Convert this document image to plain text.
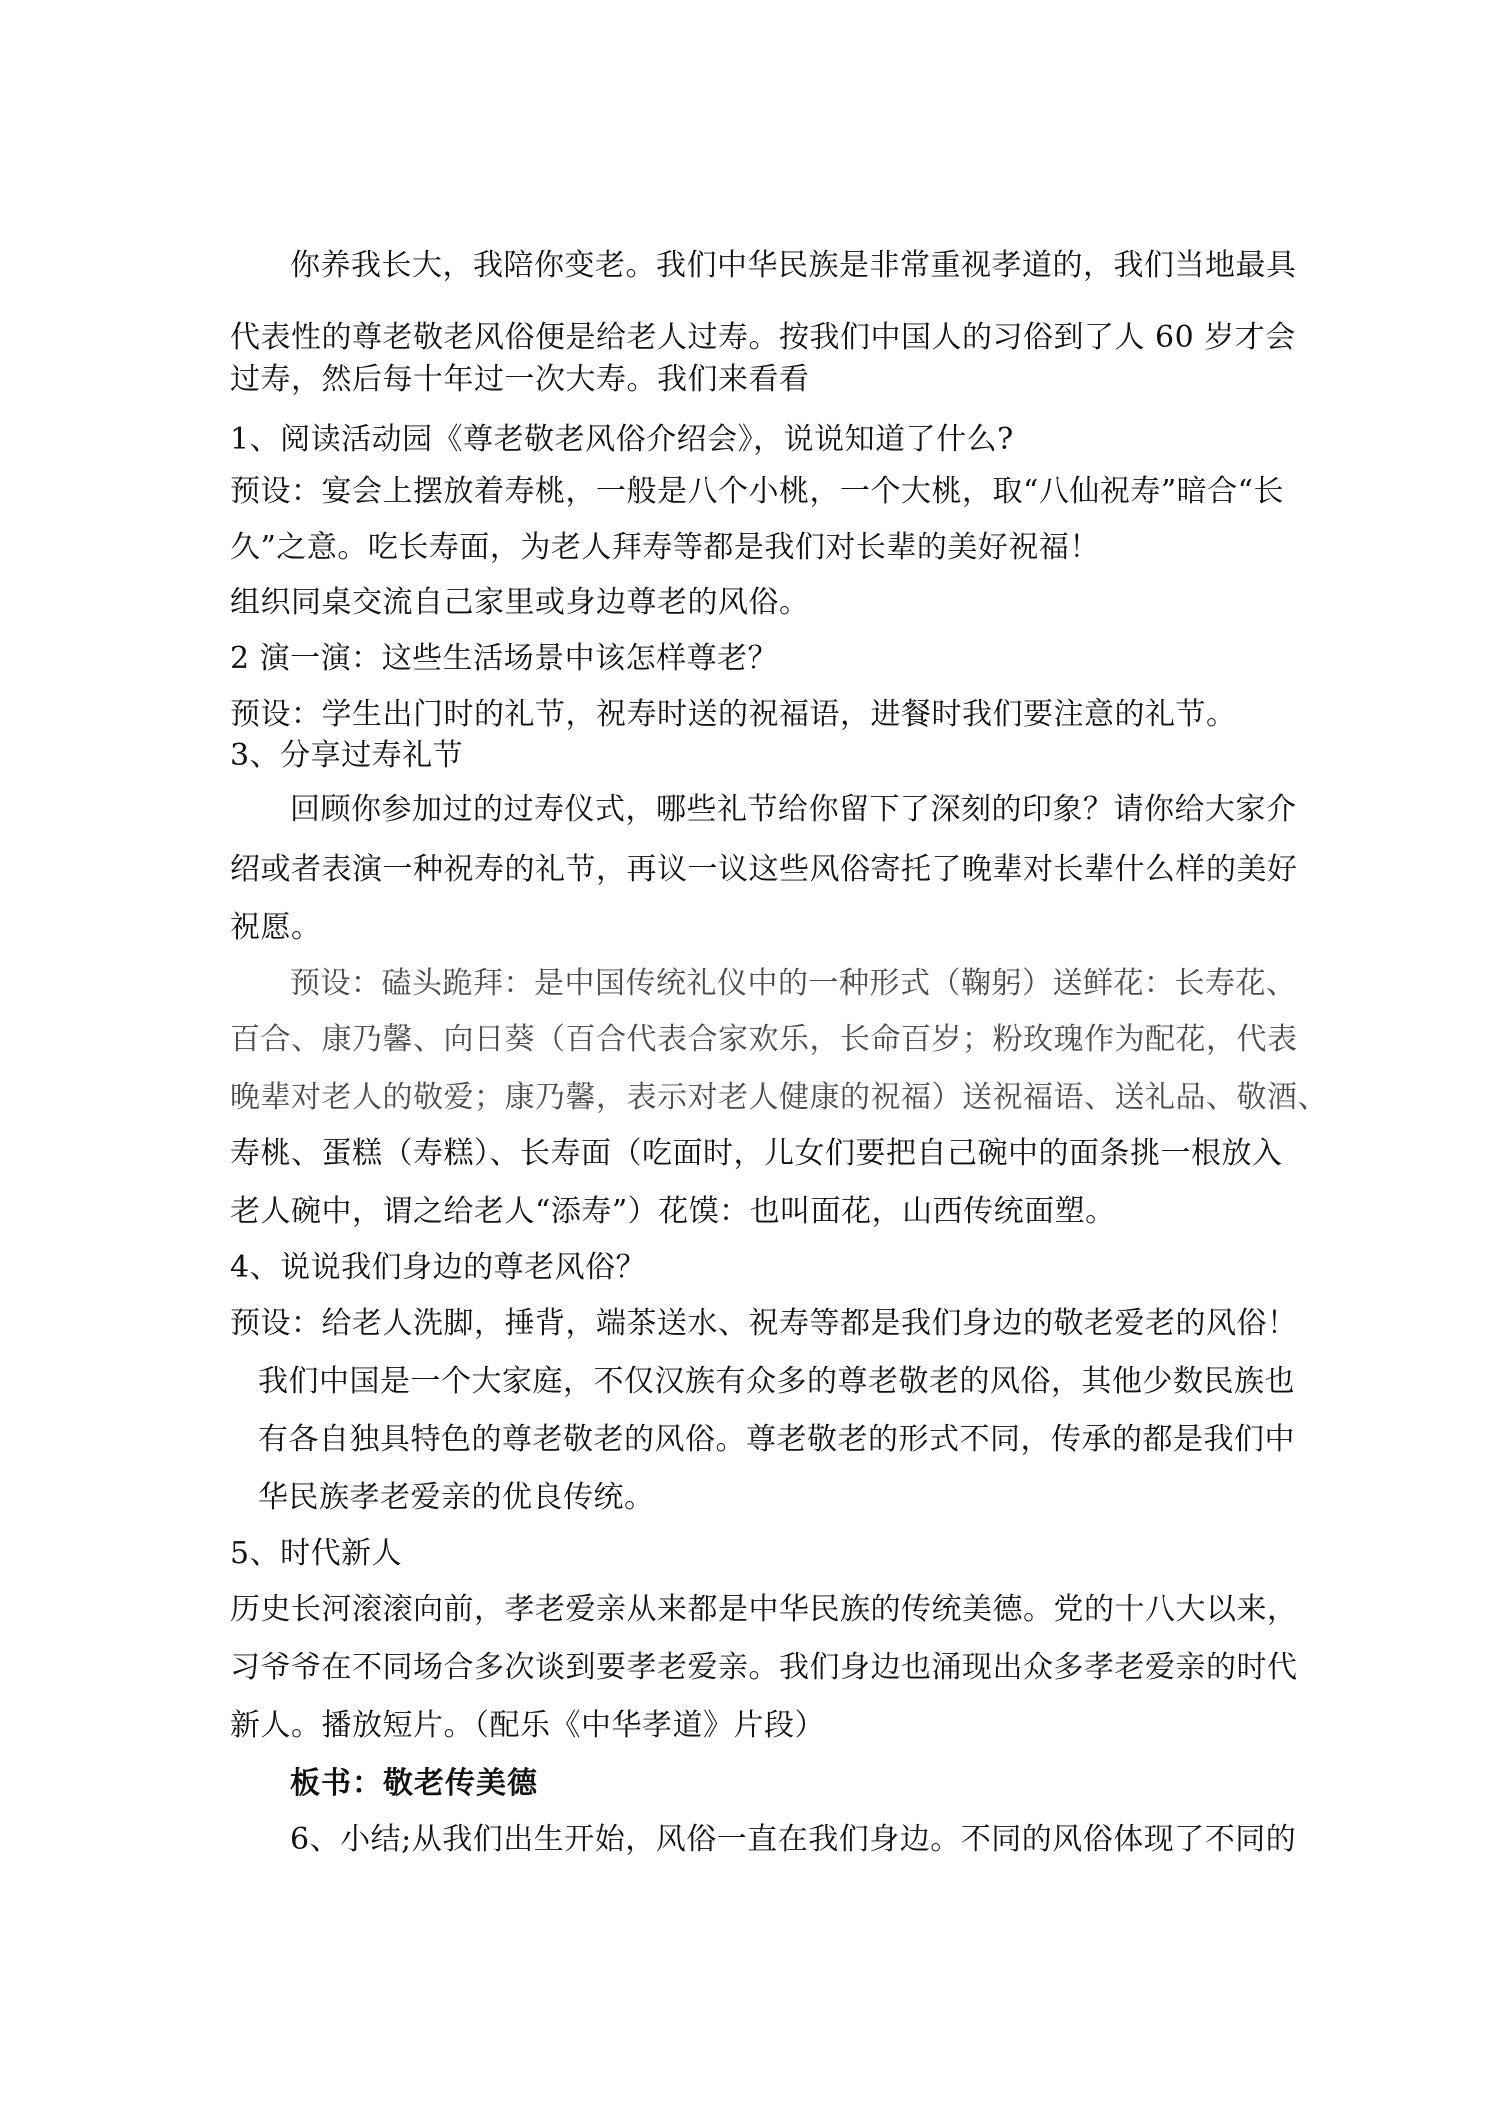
你养我长大，我陪你变老。我们中华民族是非常重视孝道的，我们当地最具
代表性的尊老敬老风俗便是给老人过寿。按我们中国人的习俗到了人 60 岁才会
过寿，然后每十年过一次大寿。我们来看看
1、阅读活动园《尊老敬老风俗介绍会》，说说知道了什么?
预设：宴会上摆放着寿桃，一般是八个小桃，一个大桃，取“八仙祝寿”暗合“长
久”之意。吃长寿面，为老人拜寿等都是我们对长辈的美好祝福！
组织同桌交流自己家里或身边尊老的风俗。
2 演一演：这些生活场景中该怎样尊老？
预设：学生出门时的礼节，祝寿时送的祝福语，进餐时我们要注意的礼节。
3、分享过寿礼节
回顾你参加过的过寿仪式，哪些礼节给你留下了深刻的印象？请你给大家介
绍或者表演一种祝寿的礼节，再议一议这些风俗寄托了晚辈对长辈什么样的美好
祝愿。
预设：磕头跪拜：是中国传统礼仪中的一种形式（鞠躬）送鲜花：长寿花、
百合、康乃馨、向日葵（百合代表合家欢乐，长命百岁；粉玫瑰作为配花，代表
晚辈对老人的敬爱；康乃馨，表示对老人健康的祝福）送祝福语、送礼品、敬酒、
寿桃、蛋糕（寿糕）、长寿面（吃面时，儿女们要把自己碗中的面条挑一根放入
老人碗中，谓之给老人“添寿”）花馍：也叫面花，山西传统面塑。
4、说说我们身边的尊老风俗？
预设：给老人洗脚，捶背，端茶送水、祝寿等都是我们身边的敬老爱老的风俗！
我们中国是一个大家庭，不仅汉族有众多的尊老敬老的风俗，其他少数民族也
有各自独具特色的尊老敬老的风俗。尊老敬老的形式不同，传承的都是我们中
华民族孝老爱亲的优良传统。
5、时代新人
历史长河滚滚向前，孝老爱亲从来都是中华民族的传统美德。党的十八大以来，
习爷爷在不同场合多次谈到要孝老爱亲。我们身边也涌现出众多孝老爱亲的时代
新人。播放短片。（配乐《中华孝道》片段）
板书：敬老传美德
6、小结;从我们出生开始，风俗一直在我们身边。不同的风俗体现了不同的
